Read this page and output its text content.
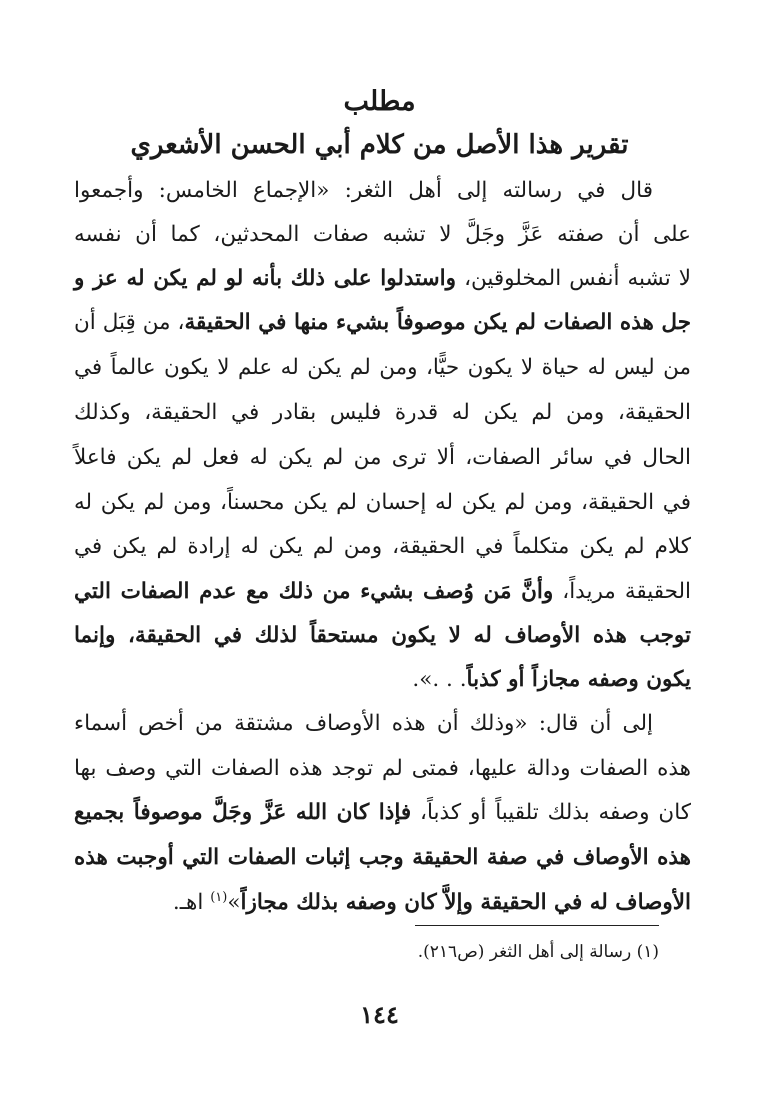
مطلب
تقرير هذا الأصل من كلام أبي الحسن الأشعري
قال في رسالته إلى أهل الثغر: «الإجماع الخامس: وأجمعوا
على أن صفته عَزَّ وجَلَّ لا تشبه صفات المحدثين، كما أن نفسه
لا تشبه أنفس المخلوقين، واستدلوا على ذلك بأنه لو لم يكن له عز و
جل هذه الصفات لم يكن موصوفاً بشيء منها في الحقيقة، من قِبَل أن
من ليس له حياة لا يكون حيًّا، ومن لم يكن له علم لا يكون عالماً في
الحقيقة، ومن لم يكن له قدرة فليس بقادر في الحقيقة، وكذلك
الحال في سائر الصفات، ألا ترى من لم يكن له فعل لم يكن فاعلاً
في الحقيقة، ومن لم يكن له إحسان لم يكن محسناً، ومن لم يكن له
كلام لم يكن متكلماً في الحقيقة، ومن لم يكن له إرادة لم يكن في
الحقيقة مريداً، وأنَّ مَن وُصف بشيء من ذلك مع عدم الصفات التي
توجب هذه الأوصاف له لا يكون مستحقاً لذلك في الحقيقة، وإنما
يكون وصفه مجازاً أو كذباً. . .».
إلى أن قال: «وذلك أن هذه الأوصاف مشتقة من أخص أسماء
هذه الصفات ودالة عليها، فمتى لم توجد هذه الصفات التي وصف بها
كان وصفه بذلك تلقيباً أو كذباً، فإذا كان الله عَزَّ وجَلَّ موصوفاً بجميع
هذه الأوصاف في صفة الحقيقة وجب إثبات الصفات التي أوجبت هذه
الأوصاف له في الحقيقة وإلاَّ كان وصفه بذلك مجازاً»$^{(١)}$ اهـ.
(١) رسالة إلى أهل الثغر (ص٢١٦).
١٤٤
